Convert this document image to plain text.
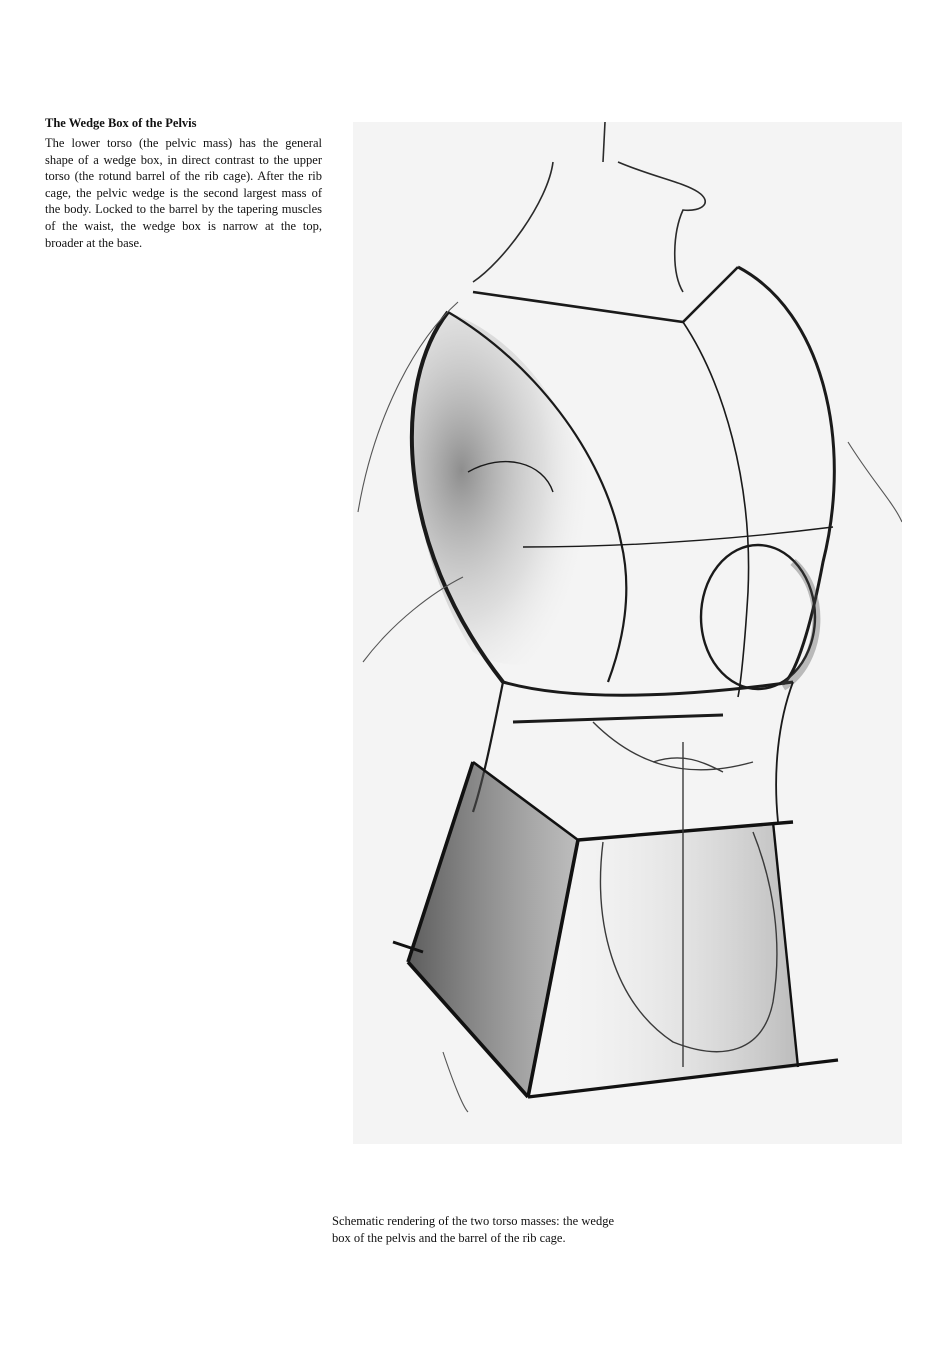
The Wedge Box of the Pelvis

The lower torso (the pelvic mass) has the general shape of a wedge box, in direct contrast to the upper torso (the rotund barrel of the rib cage). After the rib cage, the pelvic wedge is the second largest mass of the body. Locked to the barrel by the tapering muscles of the waist, the wedge box is narrow at the top, broader at the base.

Schematic rendering of the two torso masses: the wedge box of the pelvis and the barrel of the rib cage.
